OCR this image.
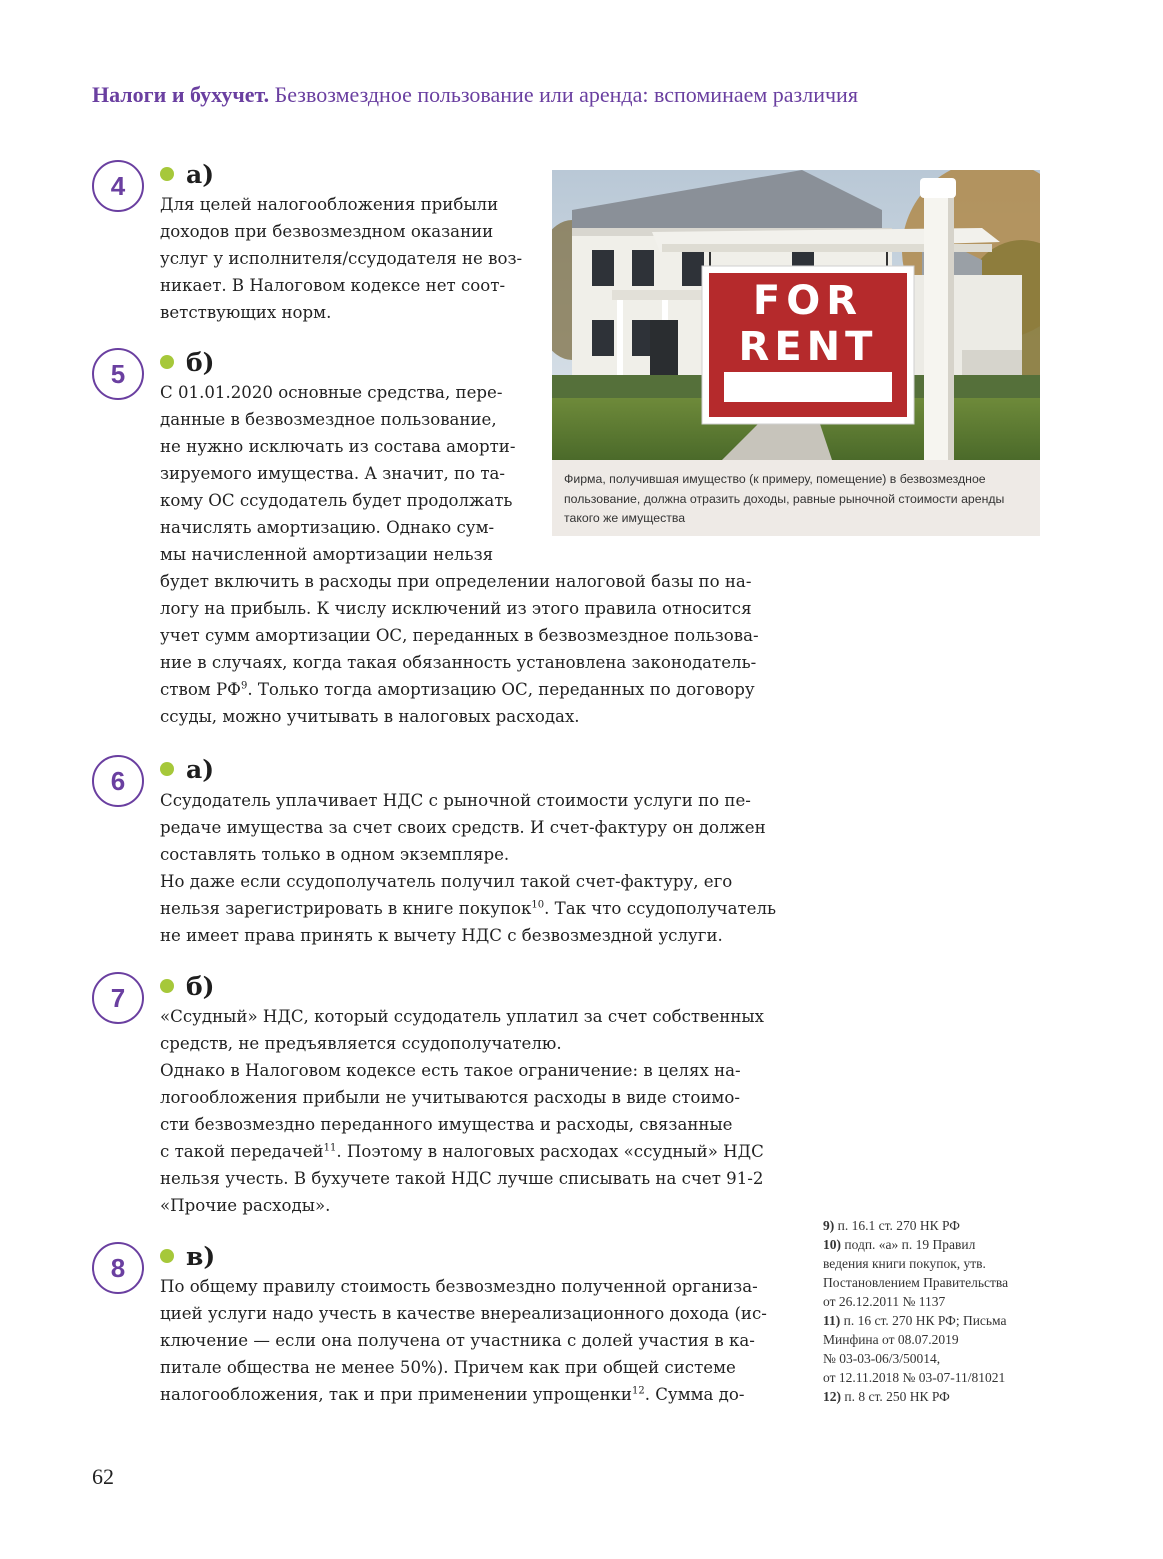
Налоги и бухучет. Безвозмездное пользование или аренда: вспоминаем различия
4	а)
Для целей налогообложения прибыли
доходов при безвозмездном оказании
услуг у исполнителя/ссудодателя не воз-
никает. В Налоговом кодексе нет соот-
ветствующих норм.
5	б)
С 01.01.2020 основные средства, пере-
данные в безвозмездное пользование,
не нужно исключать из состава аморти-
зируемого имущества. А значит, по та-
кому ОС ссудодатель будет продолжать
начислять амортизацию. Однако сум-
мы начисленной амортизации нельзя
будет включить в расходы при определении налоговой базы по на-
логу на прибыль. К числу исключений из этого правила относится
учет сумм амортизации ОС, переданных в безвозмездное пользова-
ние в случаях, когда такая обязанность установлена законодатель-
ством $РФ^9$. Только тогда амортизацию ОС, переданных по договору
ссуды, можно учитывать в налоговых расходах.
FOR
RENT
Фирма, получившая имущество (к примеру, помещение) в безвозмездное пользование, должна отразить доходы, равные рыночной стоимости аренды такого же имущества
6	а)
Ссудодатель уплачивает НДС с рыночной стоимости услуги по пе-
редаче имущества за счет своих средств. И счет-фактуру он должен
составлять только в одном экземпляре.
Но даже если ссудополучатель получил такой счет-фактуру, его
нельзя зарегистрировать в книге покупок$^{10}$. Так что ссудополучатель
не имеет права принять к вычету НДС с безвозмездной услуги.
7	б)
«Ссудный» НДС, который ссудодатель уплатил за счет собственных
средств, не предъявляется ссудополучателю.
Однако в Налоговом кодексе есть такое ограничение: в целях на-
логообложения прибыли не учитываются расходы в виде стоимо-
сти безвозмездно переданного имущества и расходы, связанные
с такой передачей$^{11}$. Поэтому в налоговых расходах «ссудный» НДС
нельзя учесть. В бухучете такой НДС лучше списывать на счет 91-2
«Прочие расходы».
8	в)
По общему правилу стоимость безвозмездно полученной организа-
цией услуги надо учесть в качестве внереализационного дохода (ис-
ключение — если она получена от участника с долей участия в ка-
питале общества не менее 50%). Причем как при общей системе
налогообложения, так и при применении упрощенки$^{12}$. Сумма до-
9) п. 16.1 ст. 270 НК РФ
10) подп. «а» п. 19 Правил
ведения книги покупок, утв.
Постановлением Правительства
от 26.12.2011 № 1137
11) п. 16 ст. 270 НК РФ; Письма
Минфина от 08.07.2019
№ 03-03-06/3/50014,
от 12.11.2018 № 03-07-11/81021
12) п. 8 ст. 250 НК РФ
62
